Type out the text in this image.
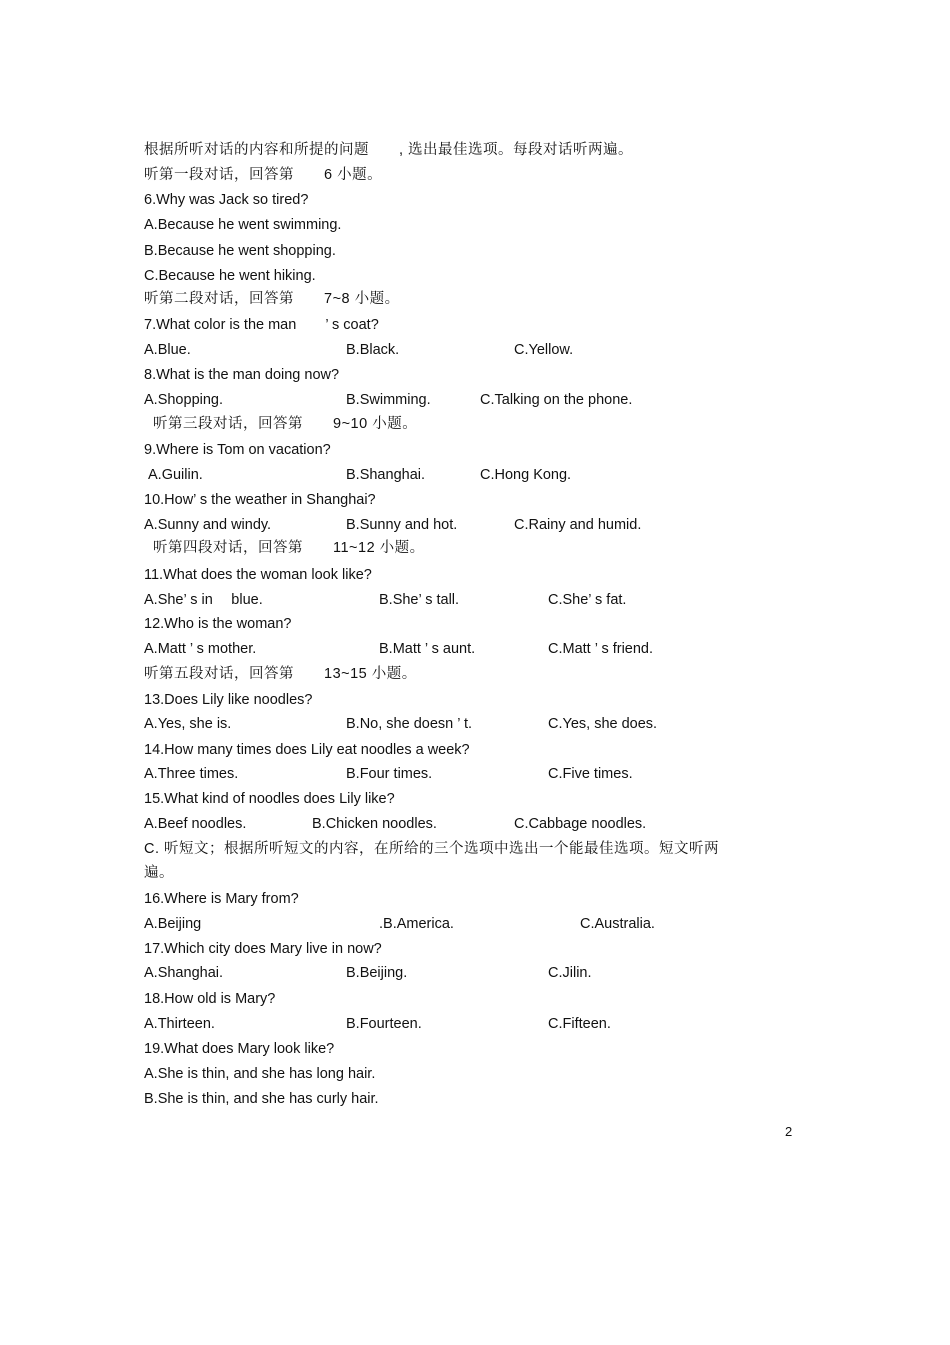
根据所听对话的内容和所提的问题　　, 选出最佳选项。每段对话听两遍。
听第一段对话，回答第　　6 小题。
6.Why was Jack so tired?
A.Because he went swimming.
B.Because he went shopping.
C.Because he went hiking.
听第二段对话，回答第　　7~8 小题。
7.What color is the man　　’ s coat?
A.Blue.	B.Black.	C.Yellow.
8.What is the man doing now?
A.Shopping.	B.Swimming.	C.Talking on the phone.
听第三段对话，回答第　　9~10 小题。
9.Where is Tom on vacation?
A.Guilin.	B.Shanghai.	C.Hong Kong.
10.How’ s the weather in Shanghai?
A.Sunny and windy.	B.Sunny and hot.	C.Rainy and humid.
听第四段对话，回答第　　11~12 小题。
11.What does the woman look like?
A.She’ s in　 blue.	B.She’ s tall.	C.She’ s fat.
12.Who is the woman?
A.Matt ’ s mother.	B.Matt ’ s aunt.	C.Matt ’ s friend.
听第五段对话，回答第　　13~15 小题。
13.Does Lily like noodles?
A.Yes, she is.	B.No, she doesn ’ t.	C.Yes, she does.
14.How many times does Lily eat noodles a week?
A.Three times.	B.Four times.	C.Five times.
15.What kind of noodles does Lily like?
A.Beef noodles.	B.Chicken noodles.	C.Cabbage noodles.
C. 听短文；根据所听短文的内容，在所给的三个选项中选出一个能最佳选项。短文听两
遍。
16.Where is Mary from?
A.Beijing	.B.America.	C.Australia.
17.Which city does Mary live in now?
A.Shanghai.	B.Beijing.	C.Jilin.
18.How old is Mary?
A.Thirteen.	B.Fourteen.	C.Fifteen.
19.What does Mary look like?
A.She is thin, and she has long hair.
B.She is thin, and she has curly hair.
2
